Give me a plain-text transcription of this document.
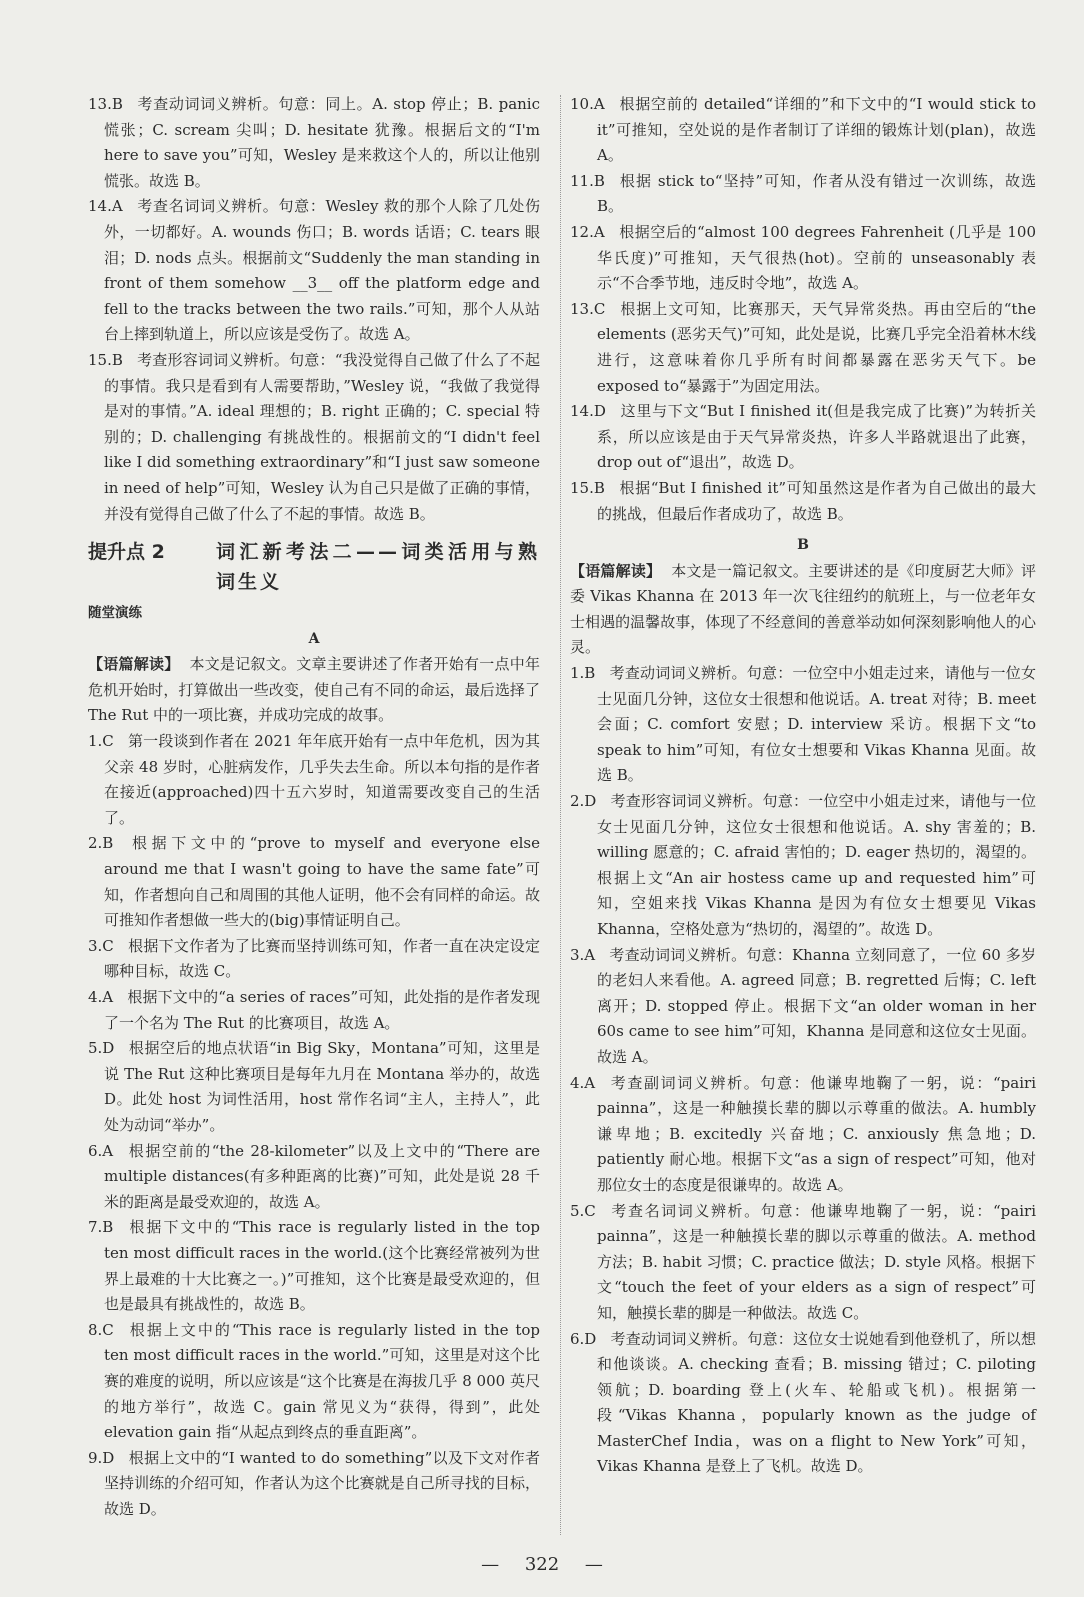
13.B 考查动词词义辨析。句意：同上。A. stop 停止；B. panic 慌张；C. scream 尖叫；D. hesitate 犹豫。根据后文的“I'm here to save you”可知，Wesley 是来救这个人的，所以让他别慌张。故选 B。

14.A 考查名词词义辨析。句意：Wesley 救的那个人除了几处伤外，一切都好。A. wounds 伤口；B. words 话语；C. tears 眼泪；D. nods 点头。根据前文“Suddenly the man standing in front of them somehow __3__ off the platform edge and fell to the tracks between the two rails.”可知，那个人从站台上摔到轨道上，所以应该是受伤了。故选 A。

15.B 考查形容词词义辨析。句意：“我没觉得自己做了什么了不起的事情。我只是看到有人需要帮助，”Wesley 说，“我做了我觉得是对的事情。”A. ideal 理想的；B. right 正确的；C. special 特别的；D. challenging 有挑战性的。根据前文的“I didn't feel like I did something extraordinary”和“I just saw someone in need of help”可知，Wesley 认为自己只是做了正确的事情，并没有觉得自己做了什么了不起的事情。故选 B。

提升点 2	词汇新考法二——词类活用与熟词生义
随堂演练
A

【语篇解读】 本文是记叙文。文章主要讲述了作者开始有一点中年危机开始时，打算做出一些改变，使自己有不同的命运，最后选择了 The Rut 中的一项比赛，并成功完成的故事。

1.C 第一段谈到作者在 2021 年年底开始有一点中年危机，因为其父亲 48 岁时，心脏病发作，几乎失去生命。所以本句指的是作者在接近(approached)四十五六岁时，知道需要改变自己的生活了。

2.B 根据下文中的“prove to myself and everyone else around me that I wasn't going to have the same fate”可知，作者想向自己和周围的其他人证明，他不会有同样的命运。故可推知作者想做一些大的(big)事情证明自己。

3.C 根据下文作者为了比赛而坚持训练可知，作者一直在决定设定哪种目标，故选 C。

4.A 根据下文中的“a series of races”可知，此处指的是作者发现了一个名为 The Rut 的比赛项目，故选 A。

5.D 根据空后的地点状语“in Big Sky，Montana”可知，这里是说 The Rut 这种比赛项目是每年九月在 Montana 举办的，故选 D。此处 host 为词性活用，host 常作名词“主人，主持人”，此处为动词“举办”。

6.A 根据空前的“the 28-kilometer”以及上文中的“There are multiple distances(有多种距离的比赛)”可知，此处是说 28 千米的距离是最受欢迎的，故选 A。

7.B 根据下文中的“This race is regularly listed in the top ten most difficult races in the world.(这个比赛经常被列为世界上最难的十大比赛之一。)”可推知，这个比赛是最受欢迎的，但也是最具有挑战性的，故选 B。

8.C 根据上文中的“This race is regularly listed in the top ten most difficult races in the world.”可知，这里是对这个比赛的难度的说明，所以应该是“这个比赛是在海拔几乎 8 000 英尺的地方举行”，故选 C。gain 常见义为“获得，得到”，此处 elevation gain 指“从起点到终点的垂直距离”。

9.D 根据上文中的“I wanted to do something”以及下文对作者坚持训练的介绍可知，作者认为这个比赛就是自己所寻找的目标，故选 D。

10.A 根据空前的 detailed“详细的”和下文中的“I would stick to it”可推知，空处说的是作者制订了详细的锻炼计划(plan)，故选 A。

11.B 根据 stick to“坚持”可知，作者从没有错过一次训练，故选 B。

12.A 根据空后的“almost 100 degrees Fahrenheit (几乎是 100 华氏度)”可推知，天气很热(hot)。空前的 unseasonably 表示“不合季节地，违反时令地”，故选 A。

13.C 根据上文可知，比赛那天，天气异常炎热。再由空后的“the elements (恶劣天气)”可知，此处是说，比赛几乎完全沿着林木线进行，这意味着你几乎所有时间都暴露在恶劣天气下。be exposed to“暴露于”为固定用法。

14.D 这里与下文“But I finished it(但是我完成了比赛)”为转折关系，所以应该是由于天气异常炎热，许多人半路就退出了此赛，drop out of“退出”，故选 D。

15.B 根据“But I finished it”可知虽然这是作者为自己做出的最大的挑战，但最后作者成功了，故选 B。

B

【语篇解读】 本文是一篇记叙文。主要讲述的是《印度厨艺大师》评委 Vikas Khanna 在 2013 年一次飞往纽约的航班上，与一位老年女士相遇的温馨故事，体现了不经意间的善意举动如何深刻影响他人的心灵。

1.B 考查动词词义辨析。句意：一位空中小姐走过来，请他与一位女士见面几分钟，这位女士很想和他说话。A. treat 对待；B. meet 会面；C. comfort 安慰；D. interview 采访。根据下文“to speak to him”可知，有位女士想要和 Vikas Khanna 见面。故选 B。

2.D 考查形容词词义辨析。句意：一位空中小姐走过来，请他与一位女士见面几分钟，这位女士很想和他说话。A. shy 害羞的；B. willing 愿意的；C. afraid 害怕的；D. eager 热切的，渴望的。根据上文“An air hostess came up and requested him”可知，空姐来找 Vikas Khanna 是因为有位女士想要见 Vikas Khanna，空格处意为“热切的，渴望的”。故选 D。

3.A 考查动词词义辨析。句意：Khanna 立刻同意了，一位 60 多岁的老妇人来看他。A. agreed 同意；B. regretted 后悔；C. left 离开；D. stopped 停止。根据下文“an older woman in her 60s came to see him”可知，Khanna 是同意和这位女士见面。故选 A。

4.A 考查副词词义辨析。句意：他谦卑地鞠了一躬，说：“pairi painna”，这是一种触摸长辈的脚以示尊重的做法。A. humbly 谦卑地；B. excitedly 兴奋地；C. anxiously 焦急地；D. patiently 耐心地。根据下文“as a sign of respect”可知，他对那位女士的态度是很谦卑的。故选 A。

5.C 考查名词词义辨析。句意：他谦卑地鞠了一躬，说：“pairi painna”，这是一种触摸长辈的脚以示尊重的做法。A. method 方法；B. habit 习惯；C. practice 做法；D. style 风格。根据下文“touch the feet of your elders as a sign of respect”可知，触摸长辈的脚是一种做法。故选 C。

6.D 考查动词词义辨析。句意：这位女士说她看到他登机了，所以想和他谈谈。A. checking 查看；B. missing 错过；C. piloting 领航；D. boarding 登上(火车、轮船或飞机)。根据第一段“Vikas Khanna，popularly known as the judge of MasterChef India，was on a flight to New York”可知，Vikas Khanna 是登上了飞机。故选 D。

— 322 —
